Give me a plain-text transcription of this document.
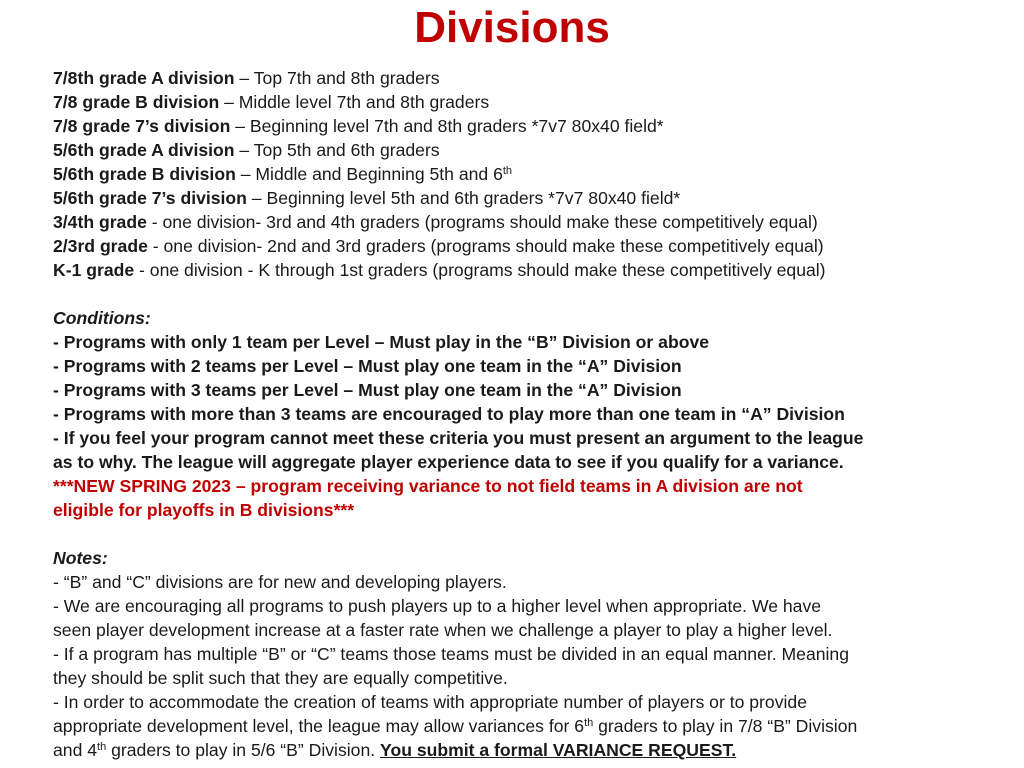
Divisions
7/8th grade A division – Top 7th and 8th graders
7/8 grade B division – Middle level 7th and 8th graders
7/8 grade 7’s division – Beginning level 7th and 8th graders *7v7 80x40 field*
5/6th grade A division – Top 5th and 6th graders
5/6th grade B division – Middle and Beginning 5th and 6th
5/6th grade 7’s division – Beginning level 5th and 6th graders *7v7 80x40 field*
3/4th grade - one division- 3rd and 4th graders (programs should make these competitively equal)
2/3rd grade - one division- 2nd and 3rd graders (programs should make these competitively equal)
K-1 grade - one division - K through 1st graders (programs should make these competitively equal)
Conditions:
- Programs with only 1 team per Level – Must play in the “B” Division or above
- Programs with 2 teams per Level – Must play one team in the “A” Division
- Programs with 3 teams per Level – Must play one team in the “A” Division
- Programs with more than 3 teams are encouraged to play more than one team in “A” Division
- If you feel your program cannot meet these criteria you must present an argument to the league
as to why. The league will aggregate player experience data to see if you qualify for a variance.
***NEW SPRING 2023 – program receiving variance to not field teams in A division are not
eligible for playoffs in B divisions***
Notes:
- “B” and “C” divisions are for new and developing players.
- We are encouraging all programs to push players up to a higher level when appropriate. We have
seen player development increase at a faster rate when we challenge a player to play a higher level.
- If a program has multiple “B” or “C” teams those teams must be divided in an equal manner. Meaning
they should be split such that they are equally competitive.
- In order to accommodate the creation of teams with appropriate number of players or to provide
appropriate development level, the league may allow variances for 6th graders to play in 7/8 “B” Division
and 4th graders to play in 5/6 “B” Division. You submit a formal VARIANCE REQUEST.
